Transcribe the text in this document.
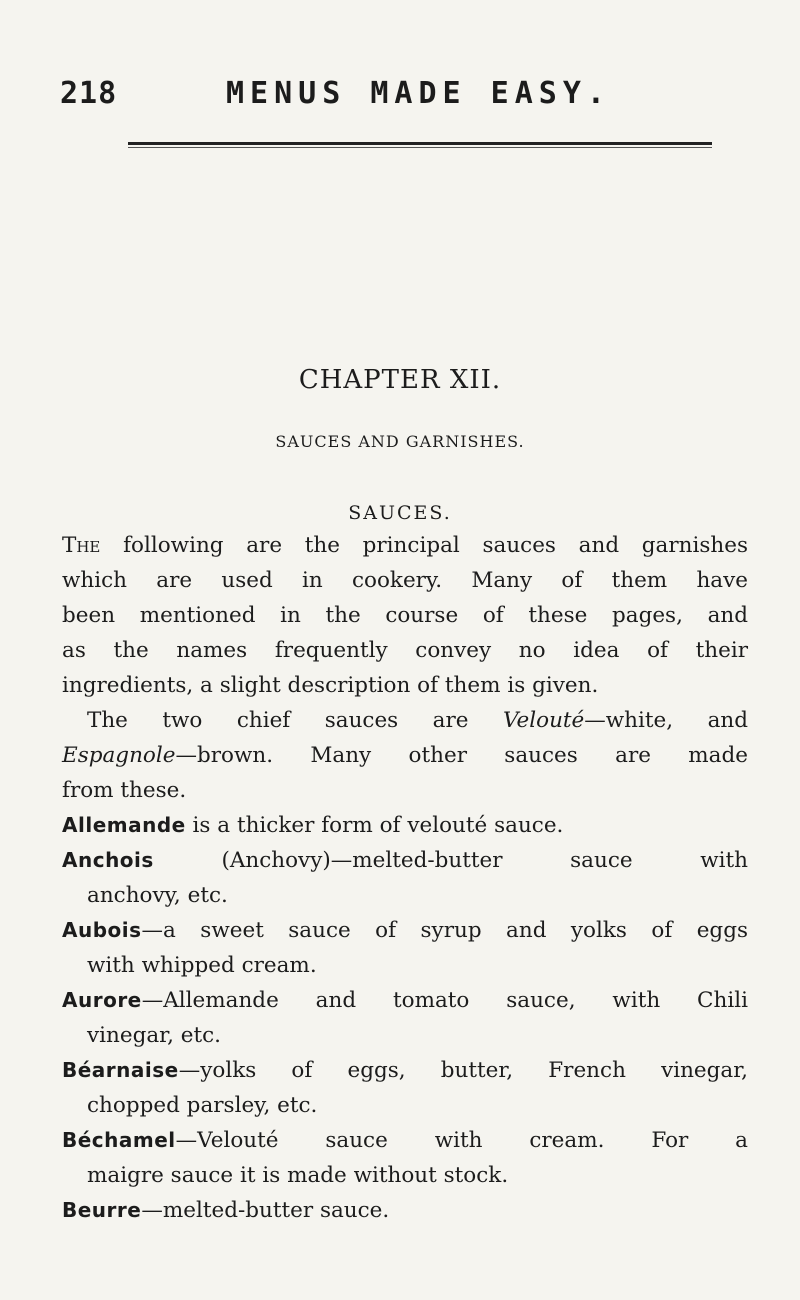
218	MENUS MADE EASY.
CHAPTER XII.
SAUCES AND GARNISHES.
SAUCES.
The following are the principal sauces and garnishes
which are used in cookery. Many of them have
been mentioned in the course of these pages, and
as the names frequently convey no idea of their
ingredients, a slight description of them is given.
The two chief sauces are Velouté—white, and
Espagnole—brown. Many other sauces are made
from these.
Allemande is a thicker form of velouté sauce.
Anchois (Anchovy)—melted-butter sauce with
anchovy, etc.
Aubois—a sweet sauce of syrup and yolks of eggs
with whipped cream.
Aurore—Allemande and tomato sauce, with Chili
vinegar, etc.
Béarnaise—yolks of eggs, butter, French vinegar,
chopped parsley, etc.
Béchamel—Velouté sauce with cream. For a
maigre sauce it is made without stock.
Beurre—melted-butter sauce.
